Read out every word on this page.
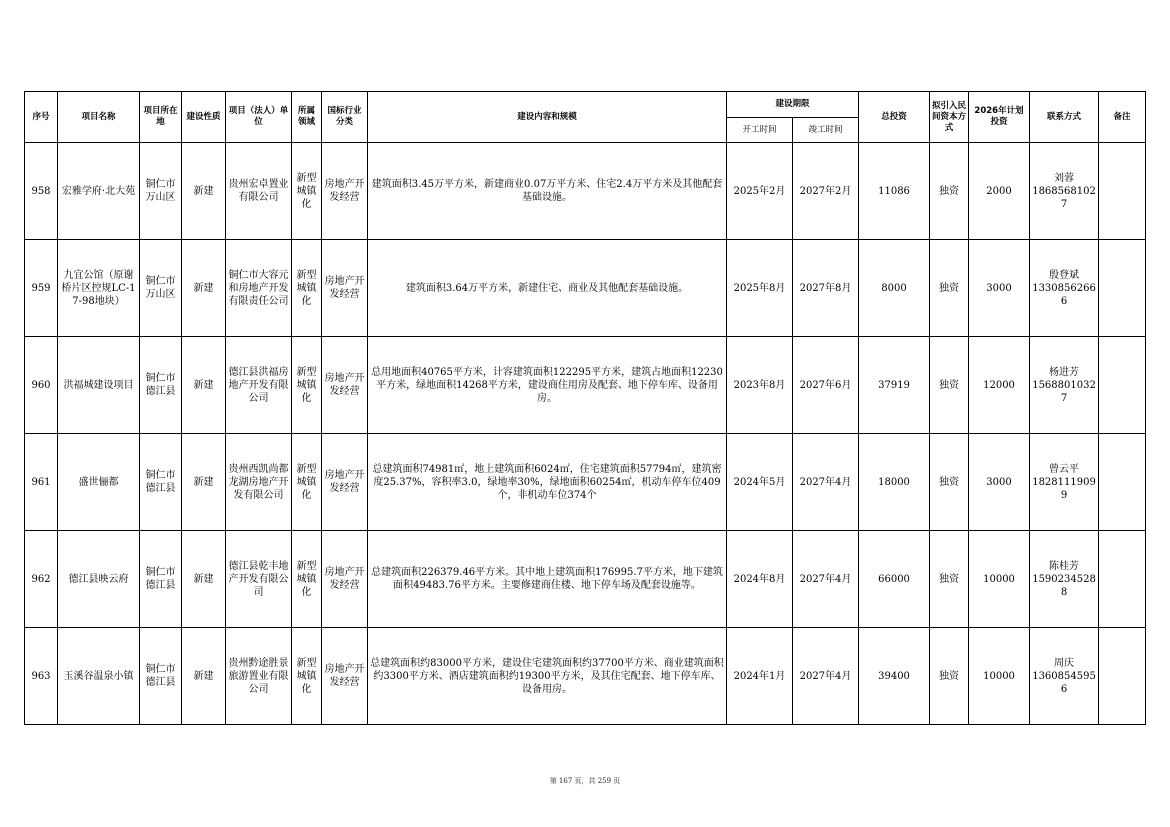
序号	项目名称	项目所在地	建设性质	项目（法人）单位	所属领域	国标行业分类	建设内容和规模	建设期限		总投资	拟引入民间资本方式	2026年计划投资	联系方式	备注
								开工时间	竣工时间					
958	宏雅学府·北大苑	铜仁市万山区	新建	贵州宏卓置业有限公司	新型城镇化	房地产开发经营	建筑面积3.45万平方米，新建商业0.07万平方米、住宅2.4万平方米及其他配套基础设施。	2025年2月	2027年2月	11086	独资	2000	刘蓉
18685681027	

959	九宜公馆（原谢桥片区控规LC-17-98地块）	铜仁市万山区	新建	铜仁市大容元和房地产开发有限责任公司	新型城镇化	房地产开发经营	建筑面积3.64万平方米，新建住宅、商业及其他配套基础设施。	2025年8月	2027年8月	8000	独资	3000	殷登斌
13308562666	

960	洪福城建设项目	铜仁市德江县	新建	德江县洪福房地产开发有限公司	新型城镇化	房地产开发经营	总用地面积40765平方米，计容建筑面积122295平方米，建筑占地面积12230平方米，绿地面积14268平方米，建设商住用房及配套、地下停车库、设备用房。	2023年8月	2027年6月	37919	独资	12000	杨进芳
15688010327	

961	盛世俪都	铜仁市德江县	新建	贵州西凯尚都龙湖房地产开发有限公司	新型城镇化	房地产开发经营	总建筑面积74981㎡，地上建筑面积6024㎡，住宅建筑面积57794㎡，建筑密度25.37%，容积率3.0，绿地率30%，绿地面积60254㎡，机动车停车位409个，非机动车位374个	2024年5月	2027年4月	18000	独资	3000	曾云平
18281119099	

962	德江县映云府	铜仁市德江县	新建	德江县乾丰地产开发有限公司	新型城镇化	房地产开发经营	总建筑面积226379.46平方米。其中地上建筑面积176995.7平方米，地下建筑面积49483.76平方米。主要修建商住楼、地下停车场及配套设施等。	2024年8月	2027年4月	66000	独资	10000	陈桂芳
15902345288	

963	玉溪谷温泉小镇	铜仁市德江县	新建	贵州黔途胜景旅游置业有限公司	新型城镇化	房地产开发经营	总建筑面积约83000平方米，建设住宅建筑面积约37700平方米、商业建筑面积约3300平方米、酒店建筑面积约19300平方米，及其住宅配套、地下停车库、设备用房。	2024年1月	2027年4月	39400	独资	10000	周庆
13608545956	

第 167 页，共 259 页
